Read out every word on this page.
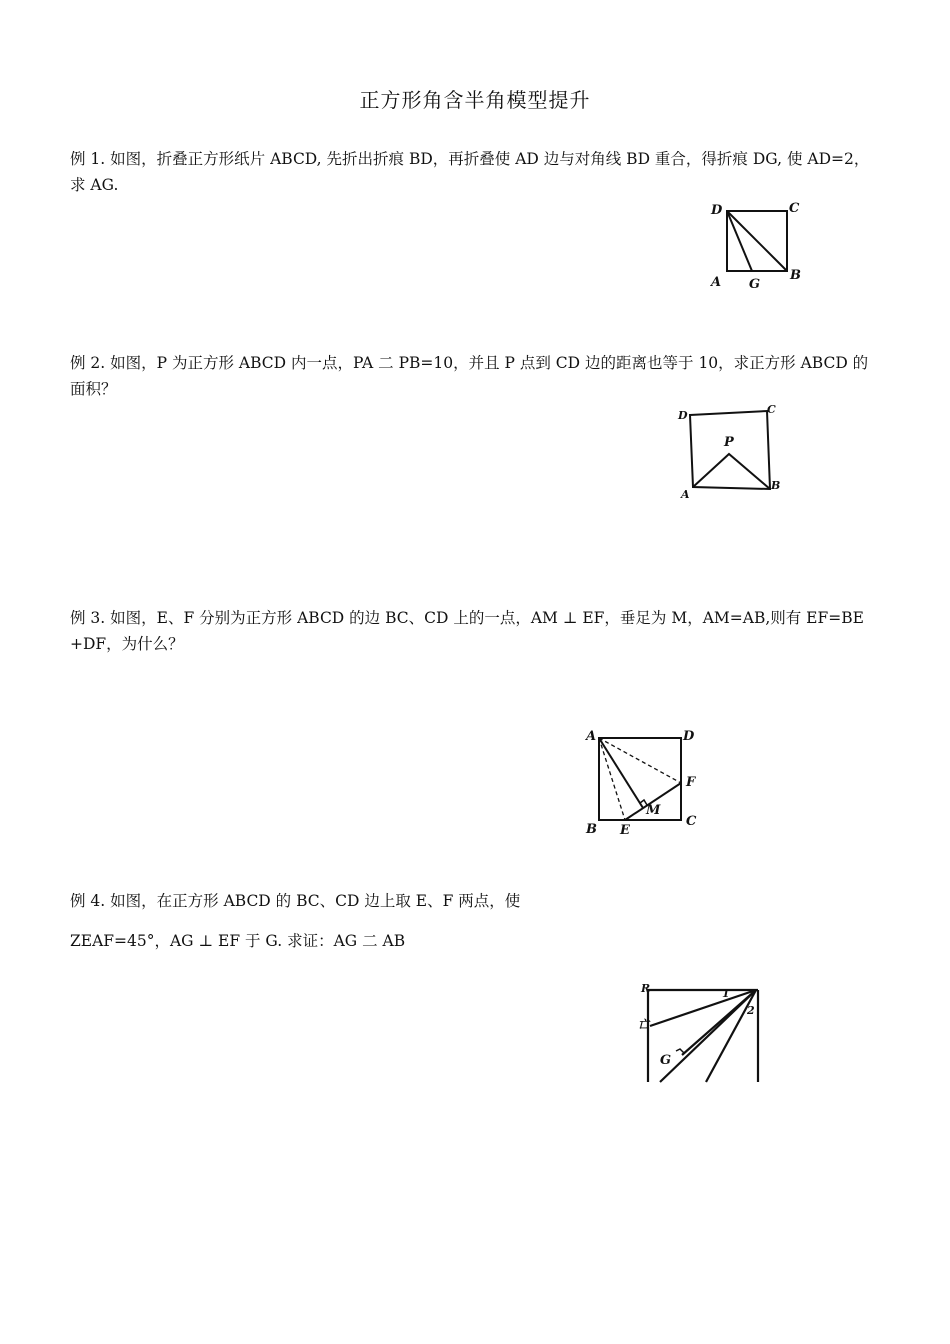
正方形角含半角模型提升
例 1. 如图，折叠正方形纸片 ABCD, 先折出折痕 BD，再折叠使 AD 边与对角线 BD 重合，得折痕 DG, 使 AD=2，
求 AG.
D	C
A G
B
例 2. 如图，P 为正方形 ABCD 内一点，PA 二 PB=10，并且 P 点到 CD 边的距离也等于 10，求正方形 ABCD 的
面积？
D	C
P
A
B
例 3. 如图，E、F 分别为正方形 ABCD 的边 BC、CD 上的一点，AM ⊥ EF，垂足为 M，AM=AB,则有 EF=BE
+DF，为什么？
A	D
F
M
B E
C
例 4. 如图，在正方形 ABCD 的 BC、CD 边上取 E、F 两点，使
ZEAF=45°，AG ⊥ EF 于 G. 求证：AG 二 AB
R
亡
G
1
2
